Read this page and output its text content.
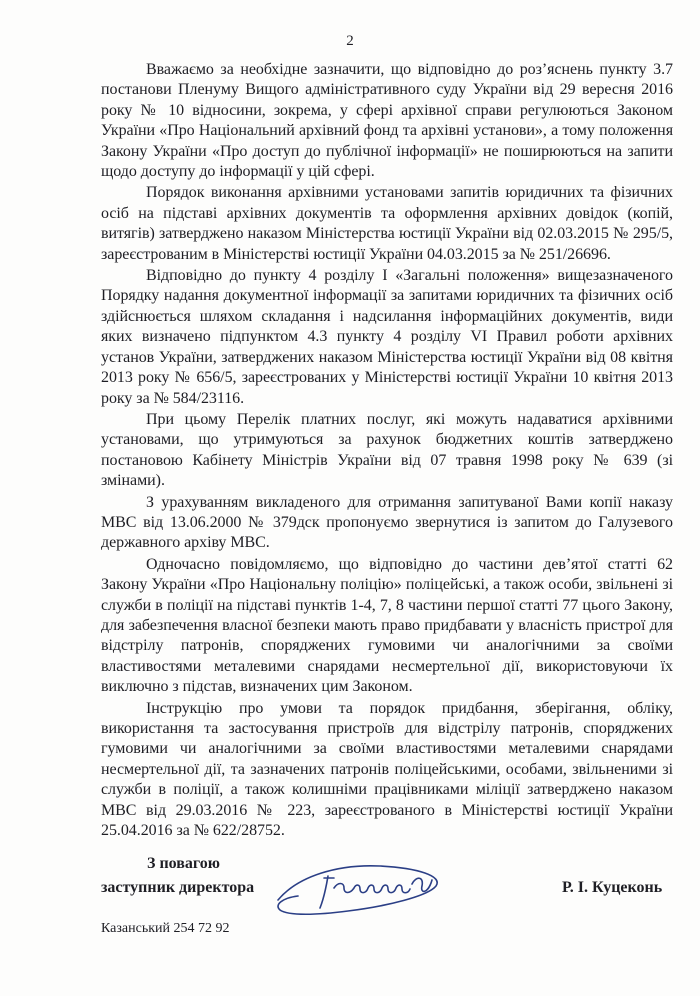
2

Вважаємо за необхідне зазначити, що відповідно до роз’яснень пункту 3.7 постанови Пленуму Вищого адміністративного суду України від 29 вересня 2016 року № 10 відносини, зокрема, у сфері архівної справи регулюються Законом України «Про Національний архівний фонд та архівні установи», а тому положення Закону України «Про доступ до публічної інформації» не поширюються на запити щодо доступу до інформації у цій сфері.

Порядок виконання архівними установами запитів юридичних та фізичних осіб на підставі архівних документів та оформлення архівних довідок (копій, витягів) затверджено наказом Міністерства юстиції України від 02.03.2015 № 295/5, зареєстрованим в Міністерстві юстиції України 04.03.2015 за № 251/26696.

Відповідно до пункту 4 розділу І «Загальні положення» вищезазначеного Порядку надання документної інформації за запитами юридичних та фізичних осіб здійснюється шляхом складання і надсилання інформаційних документів, види яких визначено підпунктом 4.3 пункту 4 розділу VI Правил роботи архівних установ України, затверджених наказом Міністерства юстиції України від 08 квітня 2013 року № 656/5, зареєстрованих у Міністерстві юстиції України 10 квітня 2013 року за № 584/23116.

При цьому Перелік платних послуг, які можуть надаватися архівними установами, що утримуються за рахунок бюджетних коштів затверджено постановою Кабінету Міністрів України від 07 травня 1998 року № 639 (зі змінами).

З урахуванням викладеного для отримання запитуваної Вами копії наказу МВС від 13.06.2000 № 379дск пропонуємо звернутися із запитом до Галузевого державного архіву МВС.

Одночасно повідомляємо, що відповідно до частини дев’ятої статті 62 Закону України «Про Національну поліцію» поліцейські, а також особи, звільнені зі служби в поліції на підставі пунктів 1-4, 7, 8 частини першої статті 77 цього Закону, для забезпечення власної безпеки мають право придбавати у власність пристрої для відстрілу патронів, споряджених гумовими чи аналогічними за своїми властивостями металевими снарядами несмертельної дії, використовуючи їх виключно з підстав, визначених цим Законом.

Інструкцію про умови та порядок придбання, зберігання, обліку, використання та застосування пристроїв для відстрілу патронів, споряджених гумовими чи аналогічними за своїми властивостями металевими снарядами несмертельної дії, та зазначених патронів поліцейськими, особами, звільненими зі служби в поліції, а також колишніми працівниками міліції затверджено наказом МВС від 29.03.2016 № 223, зареєстрованого в Міністерстві юстиції України 25.04.2016 за № 622/28752.

З повагою
заступник директора	Р. І. Куцеконь
Казанський 254 72 92
